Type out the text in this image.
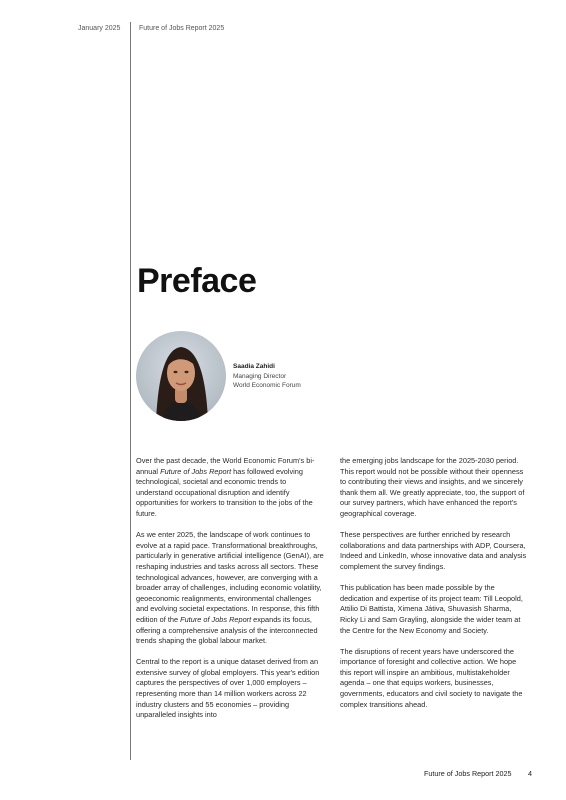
January 2025	Future of Jobs Report 2025
Preface
Saadia Zahidi
Managing Director
World Economic Forum

Over the past decade, the World Economic Forum's bi-annual Future of Jobs Report has followed evolving technological, societal and economic trends to understand occupational disruption and identify opportunities for workers to transition to the jobs of the future.

As we enter 2025, the landscape of work continues to evolve at a rapid pace. Transformational breakthroughs, particularly in generative artificial intelligence (GenAI), are reshaping industries and tasks across all sectors. These technological advances, however, are converging with a broader array of challenges, including economic volatility, geoeconomic realignments, environmental challenges and evolving societal expectations. In response, this fifth edition of the Future of Jobs Report expands its focus, offering a comprehensive analysis of the interconnected trends shaping the global labour market.

Central to the report is a unique dataset derived from an extensive survey of global employers. This year's edition captures the perspectives of over 1,000 employers – representing more than 14 million workers across 22 industry clusters and 55 economies – providing unparalleled insights into

the emerging jobs landscape for the 2025-2030 period. This report would not be possible without their openness to contributing their views and insights, and we sincerely thank them all. We greatly appreciate, too, the support of our survey partners, which have enhanced the report's geographical coverage.

These perspectives are further enriched by research collaborations and data partnerships with ADP, Coursera, Indeed and LinkedIn, whose innovative data and analysis complement the survey findings.

This publication has been made possible by the dedication and expertise of its project team: Till Leopold, Attilio Di Battista, Ximena Játiva, Shuvasish Sharma, Ricky Li and Sam Grayling, alongside the wider team at the Centre for the New Economy and Society.

The disruptions of recent years have underscored the importance of foresight and collective action. We hope this report will inspire an ambitious, multistakeholder agenda – one that equips workers, businesses, governments, educators and civil society to navigate the complex transitions ahead.

Future of Jobs Report 2025 4
